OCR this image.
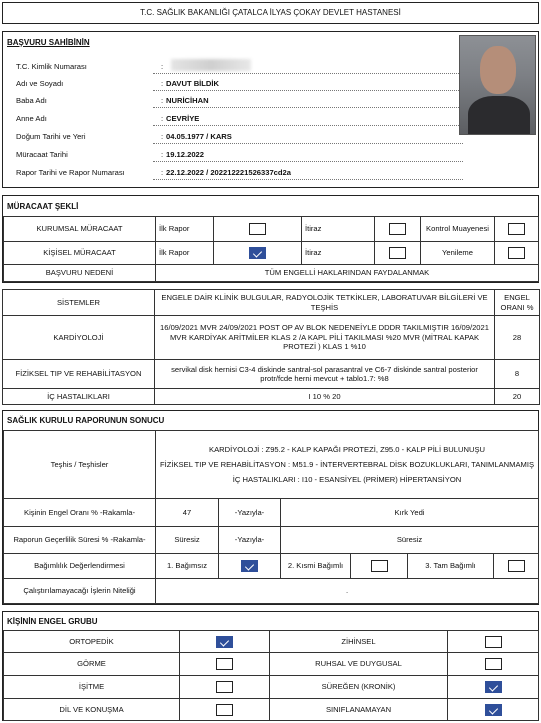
T.C. SAĞLIK BAKANLIĞI ÇATALCA İLYAS ÇOKAY DEVLET HASTANESİ
BAŞVURU SAHİBİNİN
T.C. Kimlik Numarası	:
Adı ve Soyadı	: DAVUT BİLDİK
Baba Adı	: NURİCİHAN
Anne Adı	: CEVRİYE
Doğum Tarihi ve Yeri	: 04.05.1977 / KARS
Müracaat Tarihi	: 19.12.2022
Rapor Tarihi ve Rapor Numarası	: 22.12.2022 / 202212221526337cd2a
MÜRACAAT ŞEKLİ
KURUMSAL MÜRACAAT	İlk Rapor		İtiraz		Kontrol Muayenesi	
KİŞİSEL MÜRACAAT	İlk Rapor		İtiraz		Yenileme	
BAŞVURU NEDENİ	TÜM ENGELLİ HAKLARINDAN FAYDALANMAK					
SİSTEMLER	ENGELE DAİR KLİNİK BULGULAR, RADYOLOJİK TETKİKLER, LABORATUVAR BİLGİLERİ VE TEŞHİS	ENGEL ORANI %
KARDİYOLOJİ	16/09/2021 MVR 24/09/2021 POST OP AV BLOK NEDENEİYLE DDDR TAKILMIŞTIR 16/09/2021 MVR KARDİYAK ARİTMİLER KLAS 2 /A KAPL PİLİ TAKILMASI %20 MVR (MİTRAL KAPAK PROTEZİ ) KLAS 1 %10	28
FİZİKSEL TIP VE REHABİLİTASYON	servikal disk hernisi C3-4 diskinde santral-sol parasantral ve C6-7 diskinde santral posterior protr/fcde herni mevcut + tablo1.7: %8	8
İÇ HASTALIKLARI	I 10 % 20	20
SAĞLIK KURULU RAPORUNUN SONUCU
Teşhis / Teşhisler	KARDİYOLOJİ : Z95.2 - KALP KAPAĞI PROTEZİ, Z95.0 - KALP PİLİ BULUNUŞU
FİZİKSEL TIP VE REHABİLİTASYON : M51.9 - İNTERVERTEBRAL DİSK BOZUKLUKLARI, TANIMLANMAMIŞ
İÇ HASTALIKLARI : I10 - ESANSİYEL (PRİMER) HİPERTANSİYON					

Kişinin Engel Oranı % -Rakamla-	47	-Yazıyla-	Kırk Yedi			
Raporun Geçerlilik Süresi % -Rakamla-	Süresiz	-Yazıyla-	Süresiz			
Bağımlılık Değerlendirmesi	1. Bağımsız		2. Kısmi Bağımlı		3. Tam Bağımlı	
Çalıştırılamayacağı İşlerin Niteliği	.					
KİŞİNİN ENGEL GRUBU
ORTOPEDİK		ZİHİNSEL	
GÖRME		RUHSAL VE DUYGUSAL	
İŞİTME		SÜREĞEN (KRONİK)	
DİL VE KONUŞMA		SINIFLANAMAYAN	
